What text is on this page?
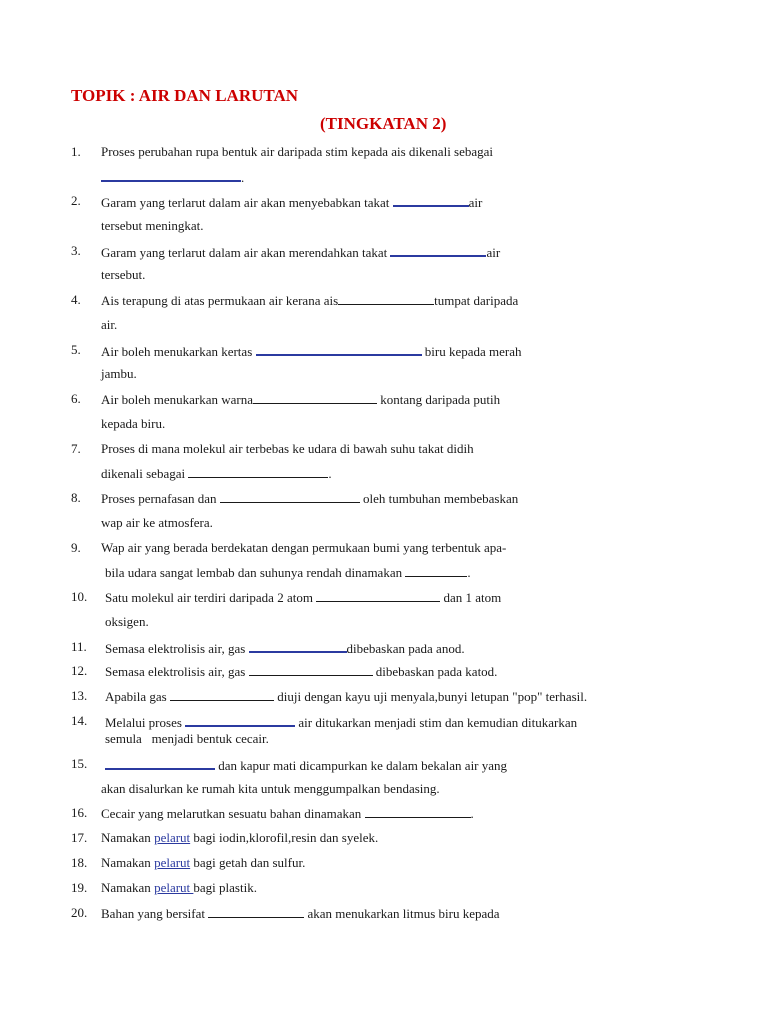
TOPIK : AIR DAN LARUTAN
(TINGKATAN 2)
1. Proses perubahan rupa bentuk air daripada stim kepada ais dikenali sebagai
.
2. Garam yang terlarut dalam air akan menyebabkan takat	air
tersebut meningkat.
3. Garam yang terlarut dalam air akan merendahkan takat	air
tersebut.
4. Ais terapung di atas permukaan air kerana ais	tumpat daripada
air.
5. Air boleh menukarkan kertas	biru kepada merah
jambu.
6. Air boleh menukarkan warna	kontang daripada putih
kepada biru.
7. Proses di mana molekul air terbebas ke udara di bawah suhu takat didih
dikenali sebagai	.
8. Proses pernafasan dan	oleh tumbuhan membebaskan
wap air ke atmosfera.
9. Wap air yang berada berdekatan dengan permukaan bumi yang terbentuk apa-
bila udara sangat lembab dan suhunya rendah dinamakan	.
10. Satu molekul air terdiri daripada 2 atom	dan 1 atom
oksigen.
11. Semasa elektrolisis air, gas	dibebaskan pada anod.
12. Semasa elektrolisis air, gas	dibebaskan pada katod.
13. Apabila gas	diuji dengan kayu uji menyala,bunyi letupan "pop" terhasil.
14. Melalui proses	air ditukarkan menjadi stim dan kemudian ditukarkan
semula   menjadi bentuk cecair.
15.	dan kapur mati dicampurkan ke dalam bekalan air yang
akan disalurkan ke rumah kita untuk menggumpalkan bendasing.
16. Cecair yang melarutkan sesuatu bahan dinamakan	.
17. Namakan pelarut bagi iodin,klorofil,resin dan syelek.
18. Namakan pelarut bagi getah dan sulfur.
19. Namakan pelarut bagi plastik.
20. Bahan yang bersifat	akan menukarkan litmus biru kepada
